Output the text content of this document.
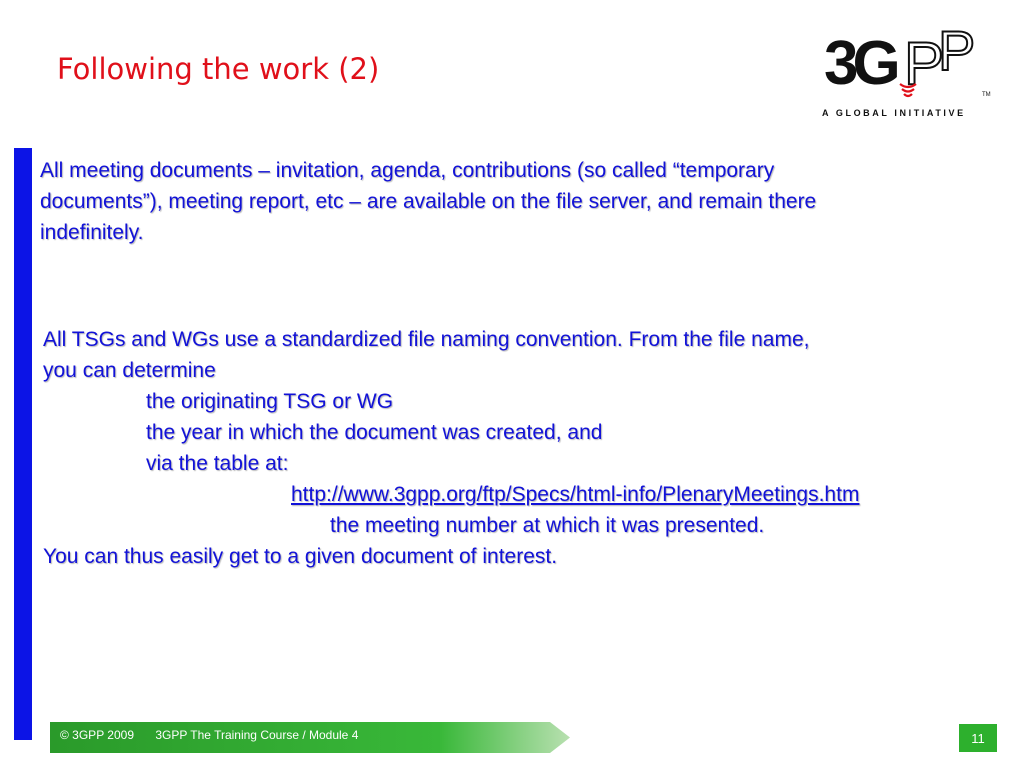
Following the work (2)	3G P
P
TM
A GLOBAL INITIATIVE
All meeting documents – invitation, agenda, contributions (so called “temporary
documents”), meeting report, etc – are available on the file server, and remain there
indefinitely.
All TSGs and WGs use a standardized file naming convention. From the file name,
you can determine
the originating TSG or WG
the year in which the document was created, and
via the table at:
http://www.3gpp.org/ftp/Specs/html-info/PlenaryMeetings.htm
the meeting number at which it was presented.
You can thus easily get to a given document of interest.
© 3GPP 2009 3GPP The Training Course / Module 4	11
